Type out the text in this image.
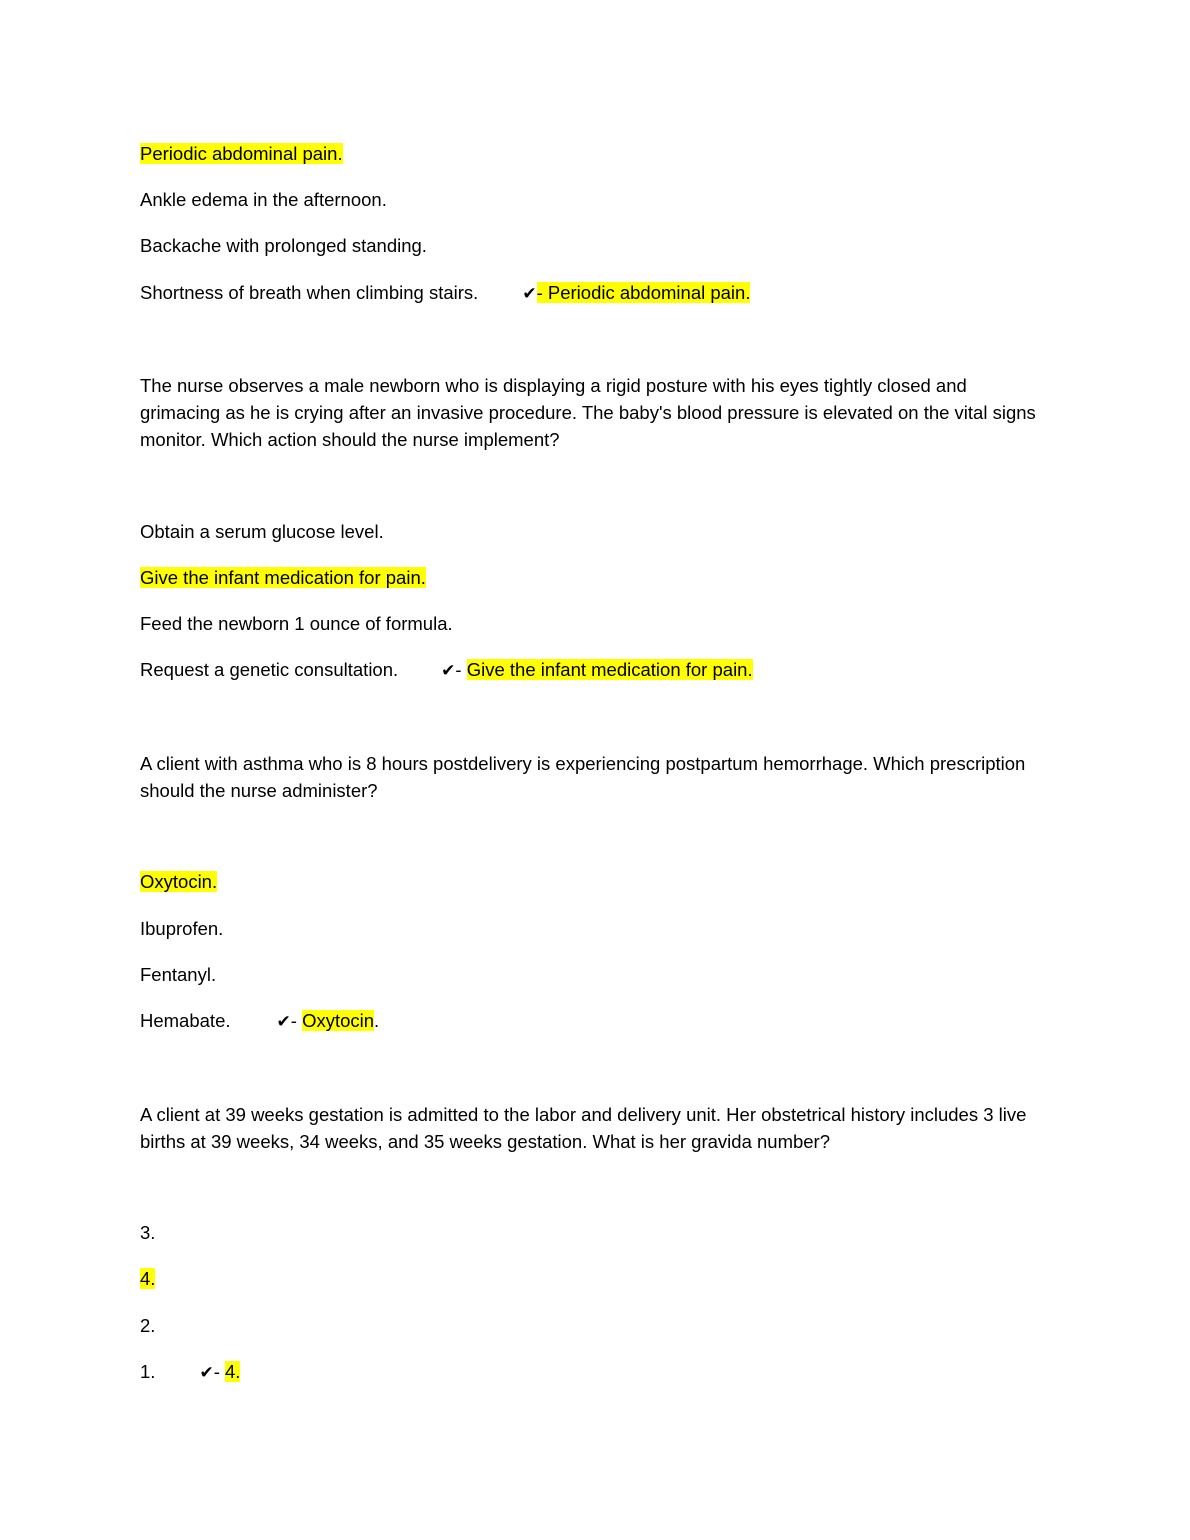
Periodic abdominal pain.
Ankle edema in the afternoon.
Backache with prolonged standing.
Shortness of breath when climbing stairs.	✔- Periodic abdominal pain.
The nurse observes a male newborn who is displaying a rigid posture with his eyes tightly closed and grimacing as he is crying after an invasive procedure. The baby's blood pressure is elevated on the vital signs monitor. Which action should the nurse implement?
Obtain a serum glucose level.
Give the infant medication for pain.
Feed the newborn 1 ounce of formula.
Request a genetic consultation.	✔- Give the infant medication for pain.
A client with asthma who is 8 hours postdelivery is experiencing postpartum hemorrhage. Which prescription should the nurse administer?
Oxytocin.
Ibuprofen.
Fentanyl.
Hemabate.	✔- Oxytocin.
A client at 39 weeks gestation is admitted to the labor and delivery unit. Her obstetrical history includes 3 live births at 39 weeks, 34 weeks, and 35 weeks gestation. What is her gravida number?
3.
4.
2.
1.	✔- 4.
